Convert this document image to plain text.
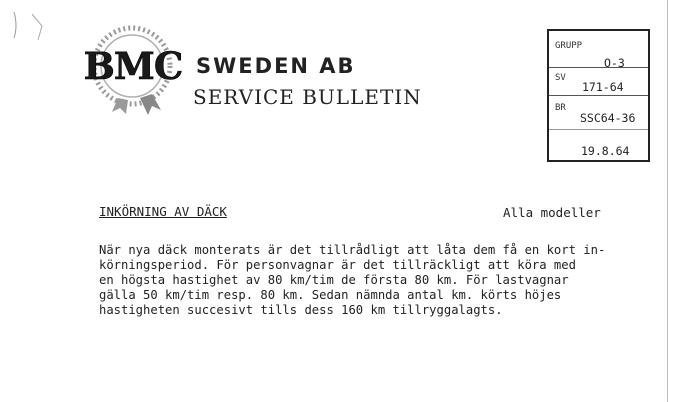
BMC SWEDEN AB
SERVICE BULLETIN
GRUPP
O-3
SV
171-64
BR
SSC64-36
19.8.64
INKÖRNING AV DÄCK	Alla modeller
När nya däck monterats är det tillrådligt att låta dem få en kort in-
körningsperiod. För personvagnar är det tillräckligt att köra med
en högsta hastighet av 80 km/tim de första 80 km. För lastvagnar
gälla 50 km/tim resp. 80 km. Sedan nämnda antal km. körts höjes
hastigheten succesivt tills dess 160 km tillryggalagts.
